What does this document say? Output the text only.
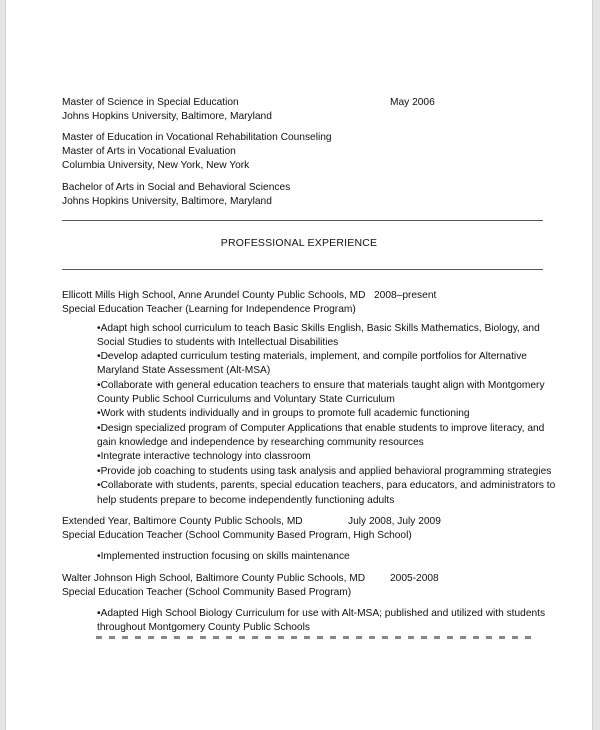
Master of Science in Special Education	May 2006
Johns Hopkins University, Baltimore, Maryland
Master of Education in Vocational Rehabilitation Counseling
Master of Arts in Vocational Evaluation
Columbia University, New York, New York
Bachelor of Arts in Social and Behavioral Sciences
Johns Hopkins University, Baltimore, Maryland
PROFESSIONAL EXPERIENCE
Ellicott Mills High School, Anne Arundel County Public Schools, MD 2008–present
Special Education Teacher (Learning for Independence Program)
•Adapt high school curriculum to teach Basic Skills English, Basic Skills Mathematics, Biology, and
Social Studies to students with Intellectual Disabilities
•Develop adapted curriculum testing materials, implement, and compile portfolios for Alternative
Maryland State Assessment (Alt-MSA)
•Collaborate with general education teachers to ensure that materials taught align with Montgomery
County Public School Curriculums and Voluntary State Curriculum
•Work with students individually and in groups to promote full academic functioning
•Design specialized program of Computer Applications that enable students to improve literacy, and
gain knowledge and independence by researching community resources
•Integrate interactive technology into classroom
•Provide job coaching to students using task analysis and applied behavioral programming strategies
•Collaborate with students, parents, special education teachers, para educators, and administrators to
help students prepare to become independently functioning adults
Extended Year, Baltimore County Public Schools, MD	July 2008, July 2009
Special Education Teacher (School Community Based Program, High School)
•Implemented instruction focusing on skills maintenance
Walter Johnson High School, Baltimore County Public Schools, MD 2005-2008
Special Education Teacher (School Community Based Program)
•Adapted High School Biology Curriculum for use with Alt-MSA; published and utilized with students
throughout Montgomery County Public Schools
